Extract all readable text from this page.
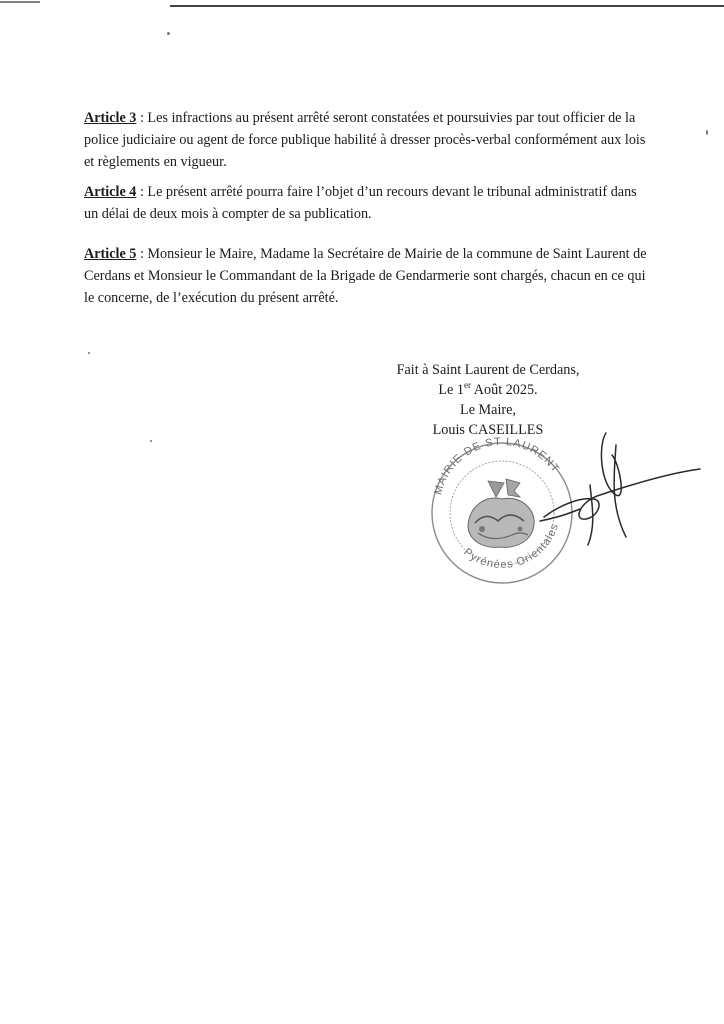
Article 3 : Les infractions au présent arrêté seront constatées et poursuivies par tout officier de la
police judiciaire ou agent de force publique habilité à dresser procès-verbal conformément aux lois
et règlements en vigueur.
Article 4 : Le présent arrêté pourra faire l’objet d’un recours devant le tribunal administratif dans
un délai de deux mois à compter de sa publication.
Article 5 : Monsieur le Maire, Madame la Secrétaire de Mairie de la commune de Saint Laurent de
Cerdans et Monsieur le Commandant de la Brigade de Gendarmerie sont chargés, chacun en ce qui
le concerne, de l’exécution du présent arrêté.
Fait à Saint Laurent de Cerdans,
Le 1er Août 2025.
Le Maire,
Louis CASEILLES
MAIRIE DE ST LAURENT
Pyrénées Orientales
